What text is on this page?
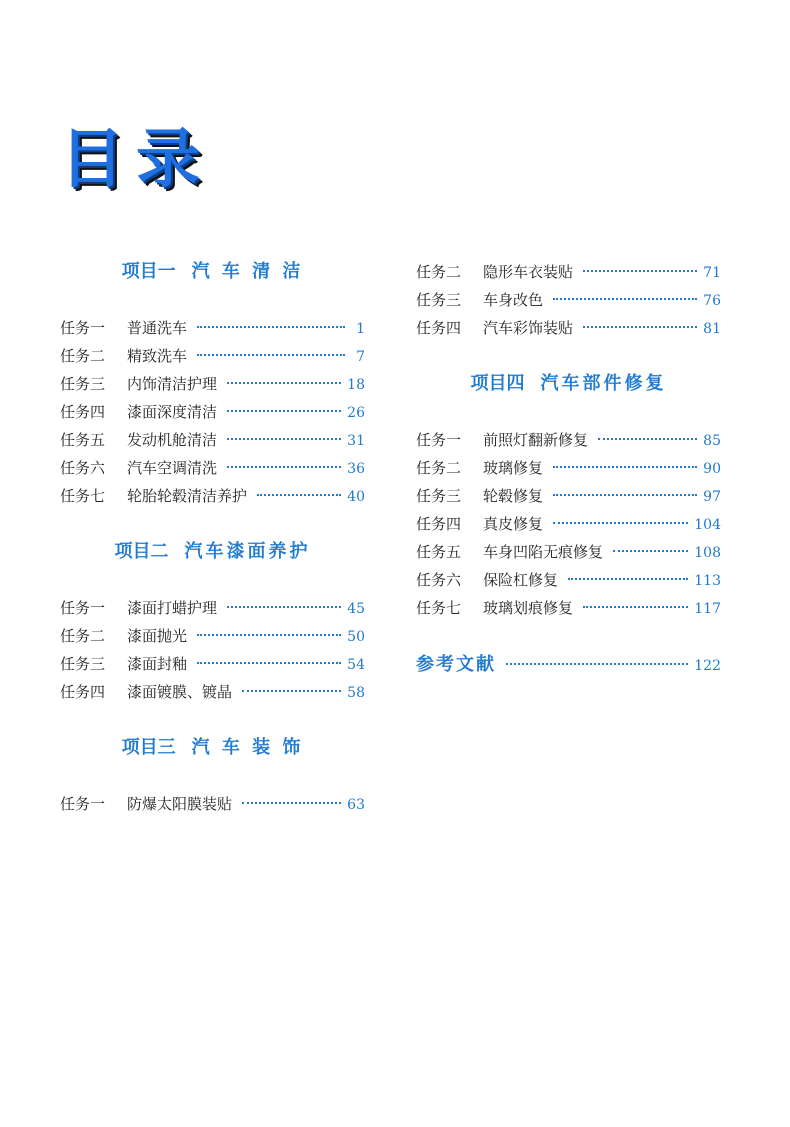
目录
项目一 汽 车 清 洁
任务一	普通洗车	1
任务二	精致洗车	7
任务三	内饰清洁护理	18
任务四	漆面深度清洁	26
任务五	发动机舱清洁	31
任务六	汽车空调清洗	36
任务七	轮胎轮毂清洁养护	40
项目二 汽车漆面养护
任务一	漆面打蜡护理	45
任务二	漆面抛光	50
任务三	漆面封釉	54
任务四	漆面镀膜、镀晶	58
项目三 汽 车 装 饰
任务一	防爆太阳膜装贴	63
任务二	隐形车衣装贴	71
任务三	车身改色	76
任务四	汽车彩饰装贴	81
项目四 汽车部件修复
任务一	前照灯翻新修复	85
任务二	玻璃修复	90
任务三	轮毂修复	97
任务四	真皮修复	104
任务五	车身凹陷无痕修复	108
任务六	保险杠修复	113
任务七	玻璃划痕修复	117
参考文献	122
